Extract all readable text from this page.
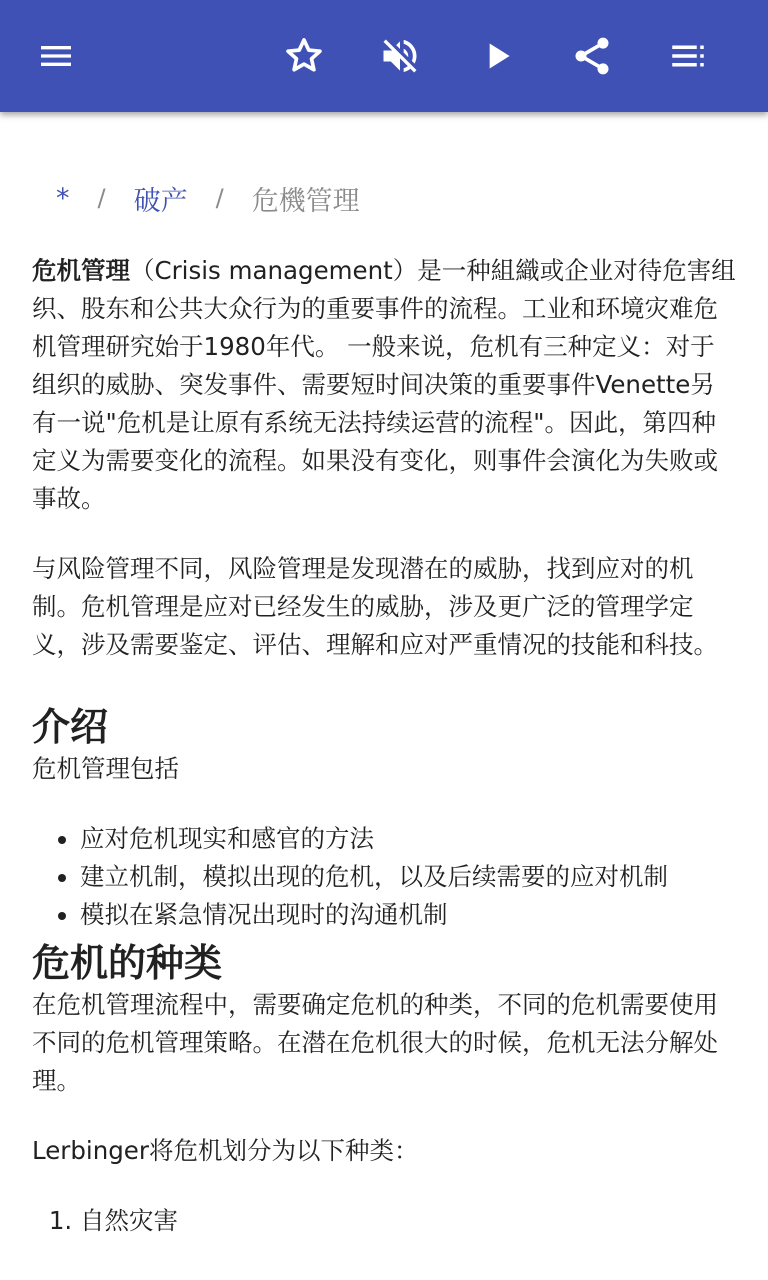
* / 破产 / 危機管理

危机管理（Crisis management）是一种組織或企业对待危害组织、股东和公共大众行为的重要事件的流程。工业和环境灾难危机管理研究始于1980年代。 一般来说，危机有三种定义：对于组织的威胁、突发事件、需要短时间决策的重要事件Venette另有一说"危机是让原有系统无法持续运营的流程"。因此，第四种定义为需要变化的流程。如果没有变化，则事件会演化为失败或事故。

与风险管理不同，风险管理是发现潜在的威胁，找到应对的机制。危机管理是应对已经发生的威胁，涉及更广泛的管理学定义，涉及需要鉴定、评估、理解和应对严重情况的技能和科技。

介绍

危机管理包括

• 应对危机现实和感官的方法
• 建立机制，模拟出现的危机，以及后续需要的应对机制
• 模拟在紧急情况出现时的沟通机制
危机的种类

在危机管理流程中，需要确定危机的种类，不同的危机需要使用不同的危机管理策略。在潜在危机很大的时候，危机无法分解处理。

Lerbinger将危机划分为以下种类：

1. 自然灾害
